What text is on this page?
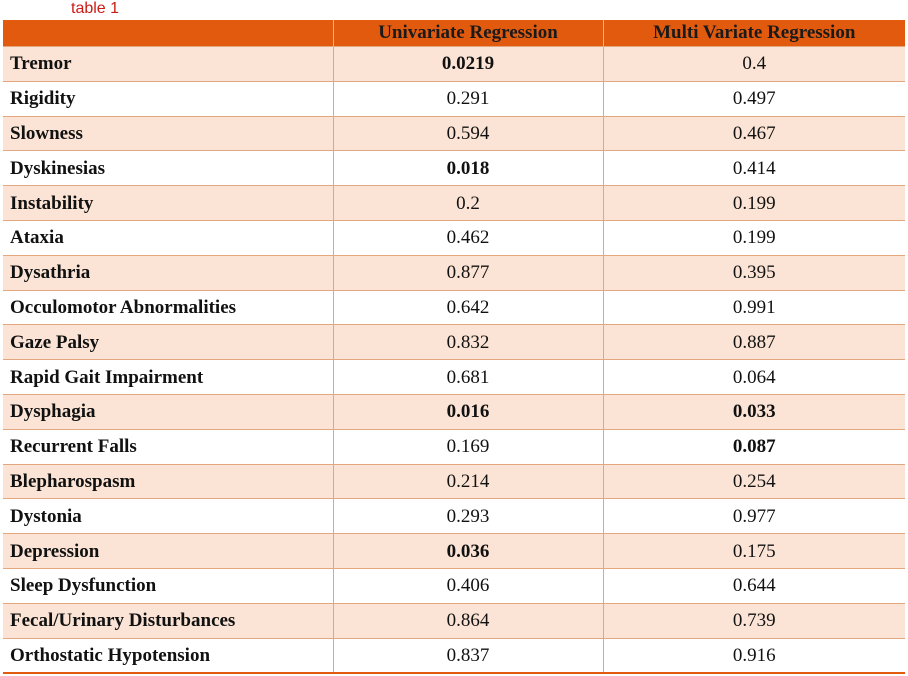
table 1
	Univariate Regression	Multi Variate Regression
Tremor	0.0219	0.4
Rigidity	0.291	0.497
Slowness	0.594	0.467
Dyskinesias	0.018	0.414
Instability	0.2	0.199
Ataxia	0.462	0.199
Dysathria	0.877	0.395
Occulomotor Abnormalities	0.642	0.991
Gaze Palsy	0.832	0.887
Rapid Gait Impairment	0.681	0.064
Dysphagia	0.016	0.033
Recurrent Falls	0.169	0.087
Blepharospasm	0.214	0.254
Dystonia	0.293	0.977
Depression	0.036	0.175
Sleep Dysfunction	0.406	0.644
Fecal/Urinary Disturbances	0.864	0.739
Orthostatic Hypotension	0.837	0.916
